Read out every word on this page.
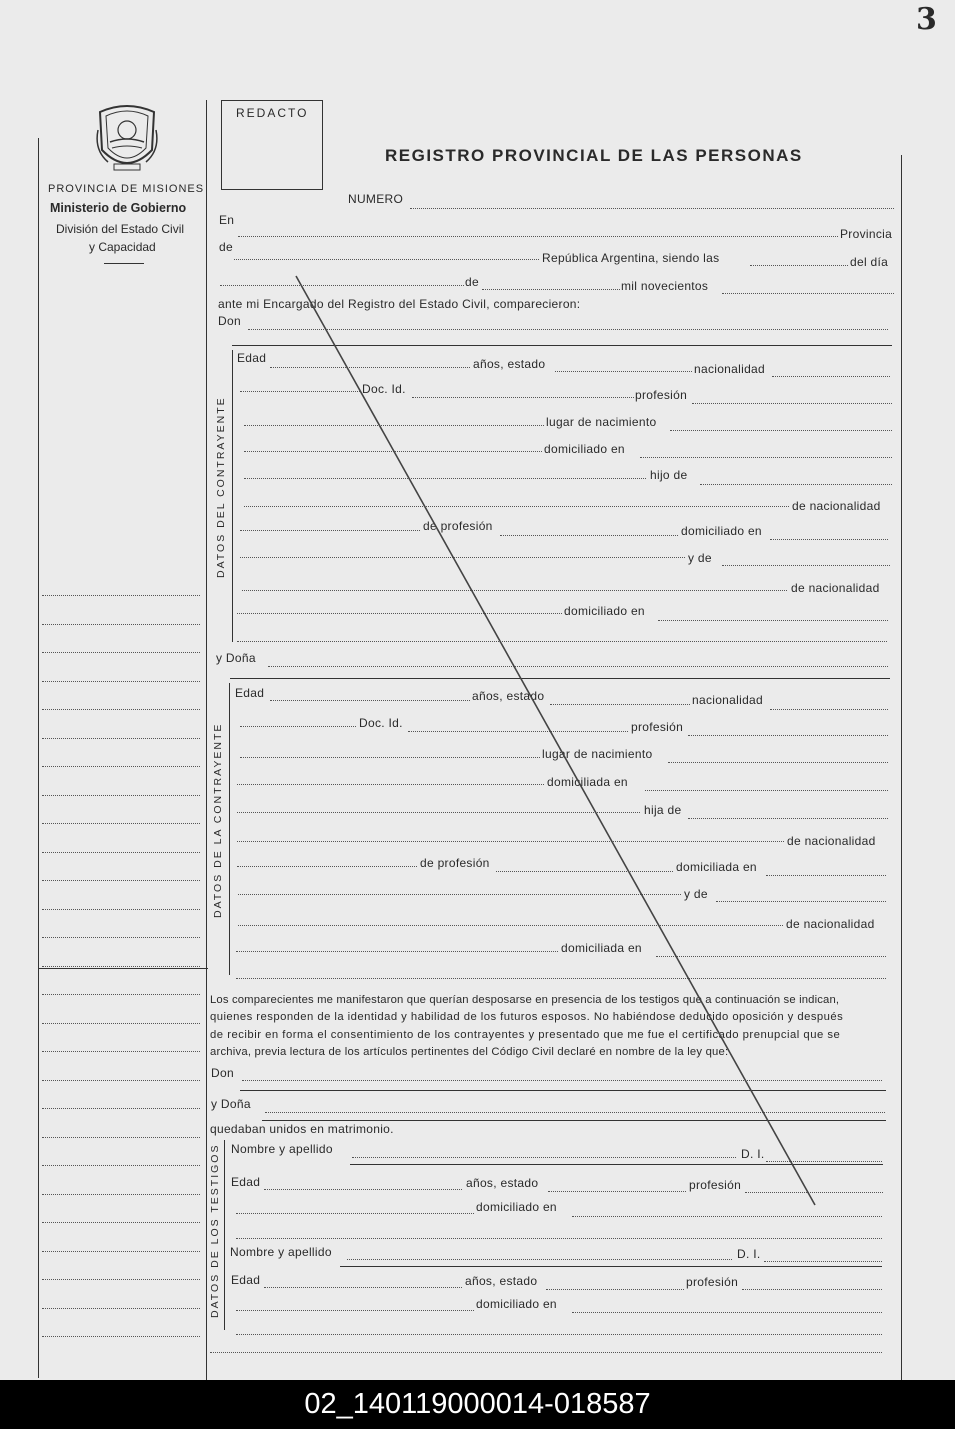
3
PROVINCIA DE MISIONES
Ministerio de Gobierno
División del Estado Civil
y Capacidad
REDACTO
REGISTRO PROVINCIAL DE LAS PERSONAS
NUMERO
En
Provincia
de
República Argentina, siendo las	del día
de	mil novecientos
ante mi Encargado del Registro del Estado Civil, comparecieron:
Don
DATOS DEL CONTRAYENTE
Edad	años, estado	nacionalidad
Doc. Id.	profesión
lugar de nacimiento
domiciliado en
hijo de
de nacionalidad
de profesión	domiciliado en
y de
de nacionalidad
domiciliado en
y Doña
DATOS DE LA CONTRAYENTE
Edad	años, estado	nacionalidad
Doc. Id.	profesión
lugar de nacimiento
domiciliada en
hija de
de nacionalidad
de profesión	domiciliada en
y de
de nacionalidad
domiciliada en
Los comparecientes me manifestaron que querían desposarse en presencia de los testigos que a continuación se indican,
quienes responden de la identidad y habilidad de los futuros esposos. No habiéndose deducido oposición y después
de recibir en forma el consentimiento de los contrayentes y presentado que me fue el certificado prenupcial que se
archiva, previa lectura de los artículos pertinentes del Código Civil declaré en nombre de la ley que:
Don
y Doña
quedaban unidos en matrimonio.
DATOS DE LOS TESTIGOS Nombre y apellido	D. I.
Edad	años, estado	profesión
domiciliado en
Nombre y apellido	D. I.
Edad	años, estado	profesión
domiciliado en
02_140119000014-018587
